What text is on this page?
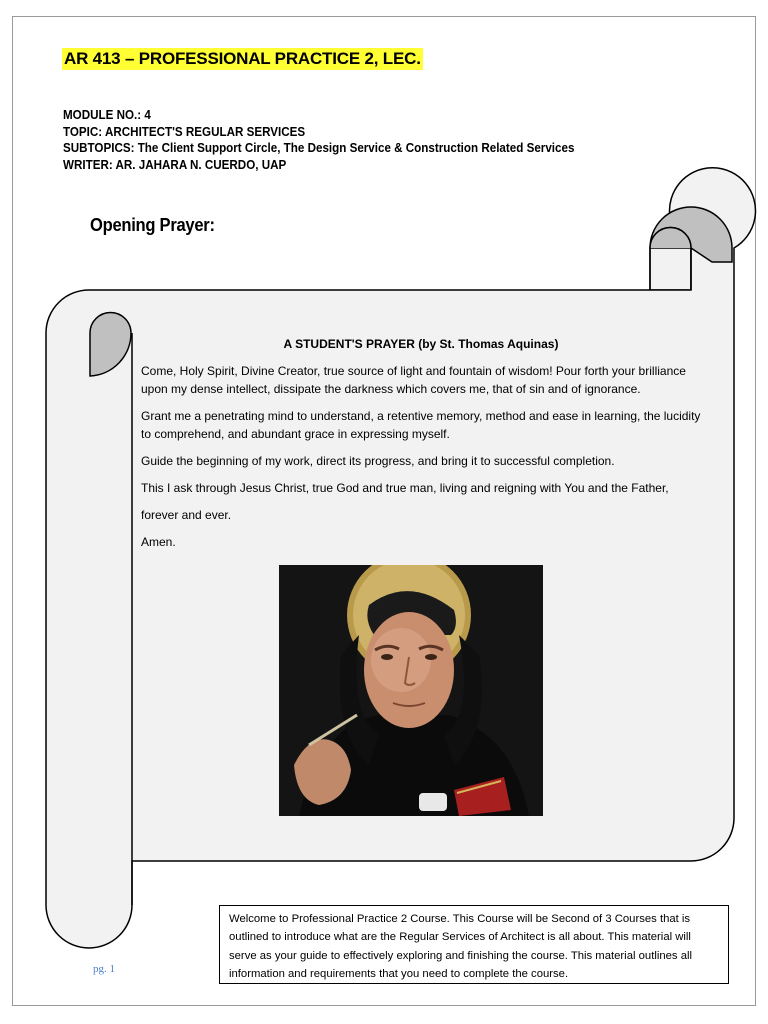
AR 413 – PROFESSIONAL PRACTICE 2, LEC.
MODULE NO.: 4
TOPIC: ARCHITECT'S REGULAR SERVICES
SUBTOPICS: The Client Support Circle, The Design Service & Construction Related Services
WRITER: AR. JAHARA N. CUERDO, UAP
Opening Prayer:
A STUDENT'S PRAYER (by St. Thomas Aquinas)

Come, Holy Spirit, Divine Creator, true source of light and fountain of wisdom! Pour forth your brilliance upon my dense intellect, dissipate the darkness which covers me, that of sin and of ignorance.

Grant me a penetrating mind to understand, a retentive memory, method and ease in learning, the lucidity to comprehend, and abundant grace in expressing myself.

Guide the beginning of my work, direct its progress, and bring it to successful completion.

This I ask through Jesus Christ, true God and true man, living and reigning with You and the Father,

forever and ever.

Amen.

Welcome to Professional Practice 2 Course. This Course will be Second of 3 Courses that is outlined to introduce what are the Regular Services of Architect is all about. This material will serve as your guide to effectively exploring and finishing the course. This material outlines all information and requirements that you need to complete the course.
pg. 1
